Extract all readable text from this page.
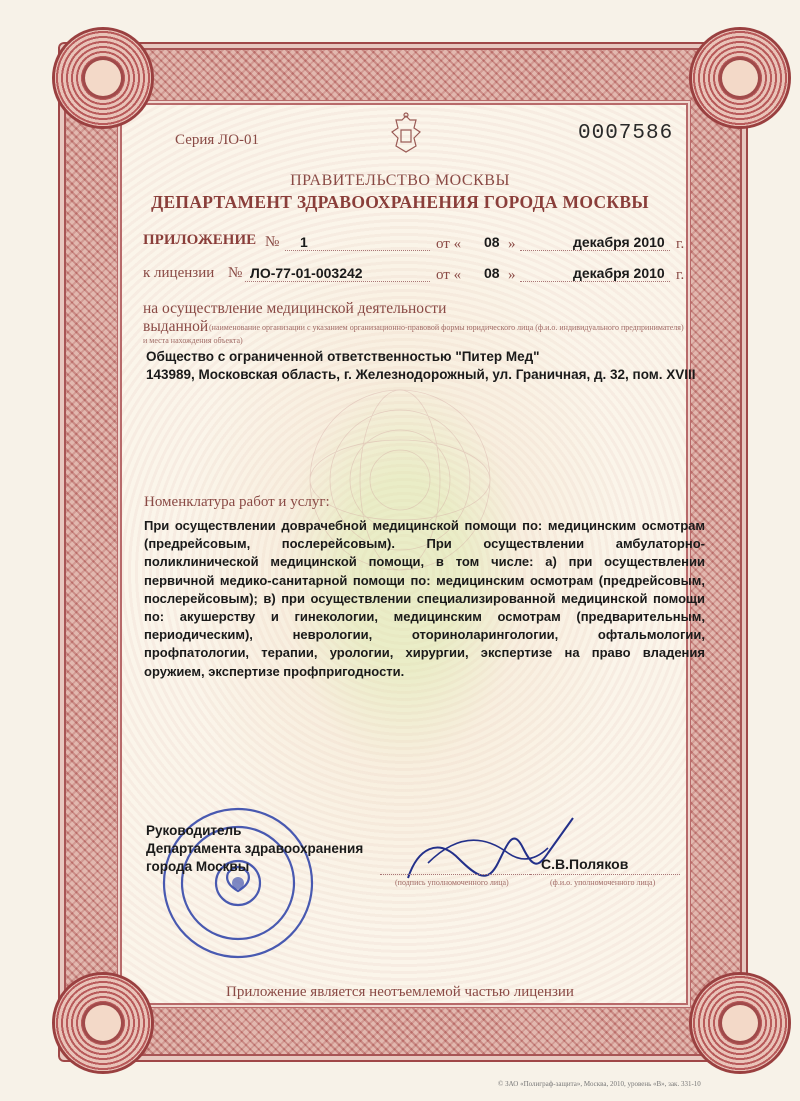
Серия ЛО-01	0007586
ПРАВИТЕЛЬСТВО МОСКВЫ
ДЕПАРТАМЕНТ ЗДРАВООХРАНЕНИЯ ГОРОДА МОСКВЫ
ПРИЛОЖЕНИЕ № 1	от « 08 »	декабря 2010 г.
к лицензии № ЛО-77-01-003242	от « 08 »	декабря 2010 г.
на осуществление медицинской деятельности
выданной (наименование организации с указанием организационно-правовой формы юридического лица (ф.и.о. индивидуального предпринимателя)
и места нахождения объекта)
Общество с ограниченной ответственностью "Питер Мед"
143989, Московская область, г. Железнодорожный, ул. Граничная, д. 32, пом. XVIII
Номенклатура работ и услуг:
При осуществлении доврачебной медицинской помощи по: медицинским осмотрам (предрейсовым, послерейсовым). При осуществлении амбулаторно-поликлинической медицинской помощи, в том числе: а) при осуществлении первичной медико-санитарной помощи по: медицинским осмотрам (предрейсовым, послерейсовым); в) при осуществлении специализированной медицинской помощи по: акушерству и гинекологии, медицинским осмотрам (предварительным, периодическим), неврологии, оториноларингологии, офтальмологии, профпатологии, терапии, урологии, хирургии, экспертизе на право владения оружием, экспертизе профпригодности.
Руководитель
Департамента здравоохранения
города Москвы	С.В.Поляков
(подпись уполномоченного лица)	(ф.и.о. уполномоченного лица)
Приложение является неотъемлемой частью лицензии
© ЗАО «Полиграф-защита», Москва, 2010, уровень «В», зак. 331-10
